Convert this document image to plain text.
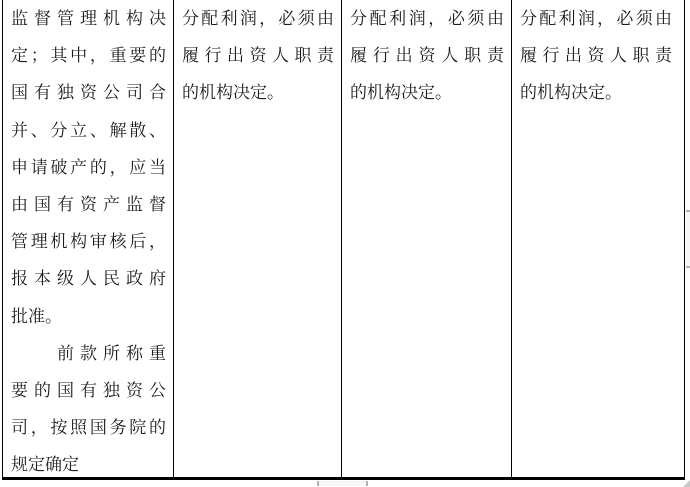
监督管理机构决
定；其中，重要的
国有独资公司合
并、分立、解散、
申请破产的，应当
由国有资产监督
管理机构审核后，
报本级人民政府
批准。
　　前款所称重
要的国有独资公
司，按照国务院的
规定确定
分配利润，必须由
履行出资人职责
的机构决定。
分配利润，必须由
履行出资人职责
的机构决定。
分配利润，必须由
履行出资人职责
的机构决定。
